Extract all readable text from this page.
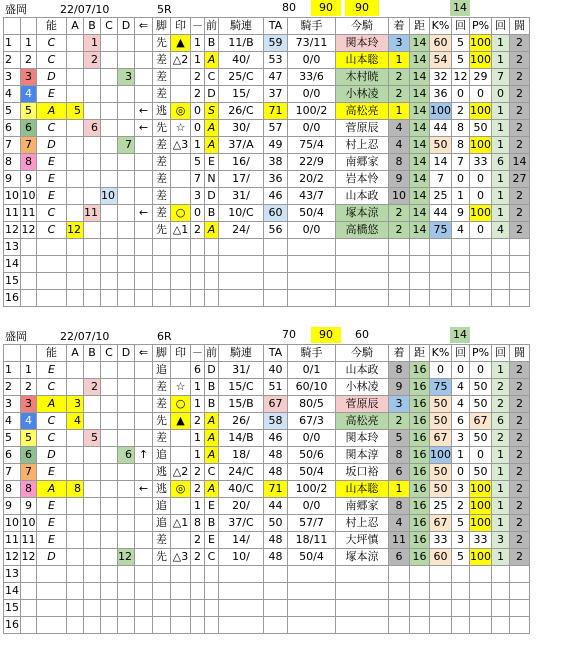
盛岡	22/07/10	5R	80	90	90	14
		能	A	B	C	D	⇐	脚	印	－	前	騎連	TA	騎手	今騎	着	距	K%	回	P%	回	闘
1	1	C		1				先	▲	1	B	11/B	59	73/11	関本玲	3	14	60	5	100	1	2
2	2	C		2				差	△2	1	A	40/	53	0/0	山本聡	1	14	54	5	100	1	2
3	3	D				3		差		2	C	25/C	47	33/6	木村暁	2	14	32	12	29	7	2
4	4	E						差		2	D	15/	37	0/0	小林凌	2	14	36	0	0	0	2
5	5	A	5				←	逃	◎	0	S	26/C	71	100/2	高松亮	1	14	100	2	100	1	2
6	6	C		6			←	先	☆	0	A	30/	57	0/0	菅原辰	4	14	44	8	50	1	2
7	7	D				7		差	△3	1	A	37/A	49	75/4	村上忍	4	14	50	8	100	1	2
8	8	E						差		5	E	16/	38	22/9	南郷家	8	14	14	7	33	6	14
9	9	E						差		7	N	17/	36	20/2	岩本怜	9	14	7	0	0	1	27
10	10	E			10			差		3	D	31/	46	43/7	山本政	10	14	25	1	0	1	2
11	11	C		11			←	差	○	0	B	10/C	60	50/4	塚本涼	2	14	44	9	100	1	2
12	12	C	12					先	△1	2	A	24/	56	0/0	高橋悠	2	14	75	4	0	4	2
13																						
14																						
15																						
16																						
盛岡	22/07/10	6R	70	90	60	14
		能	A	B	C	D	⇐	脚	印	－	前	騎連	TA	騎手	今騎	着	距	K%	回	P%	回	闘
1	1	E						追		6	D	31/	40	0/1	山本政	8	16	0	0	0	1	2
2	2	C		2				差	☆	1	B	15/C	51	60/10	小林凌	9	16	75	4	50	2	2
3	3	A	3					差	○	1	B	15/B	67	80/5	菅原辰	3	16	50	4	50	2	2
4	4	C	4					先	▲	2	A	26/	58	67/3	高松亮	2	16	50	6	67	6	2
5	5	C		5				差		1	A	14/B	46	0/0	関本玲	5	16	67	3	50	2	2
6	6	D				6	↑	追		1	A	18/	48	50/6	関本淳	8	16	100	1	0	1	2
7	7	E						逃	△2	2	C	24/C	48	50/4	坂口裕	6	16	50	0	50	1	2
8	8	A	8				←	逃	◎	2	A	40/C	71	100/2	山本聡	1	16	50	3	100	1	2
9	9	E						追		1	E	20/	44	0/0	南郷家	8	16	25	2	100	1	2
10	10	E						追	△1	8	B	37/C	50	57/7	村上忍	4	16	67	5	100	1	2
11	11	E						差		2	E	14/	48	18/11	大坪慎	11	16	33	3	33	3	2
12	12	D				12		先	△3	2	C	10/	48	50/4	塚本涼	6	16	60	5	100	1	2
13																						
14																						
15																						
16																						
